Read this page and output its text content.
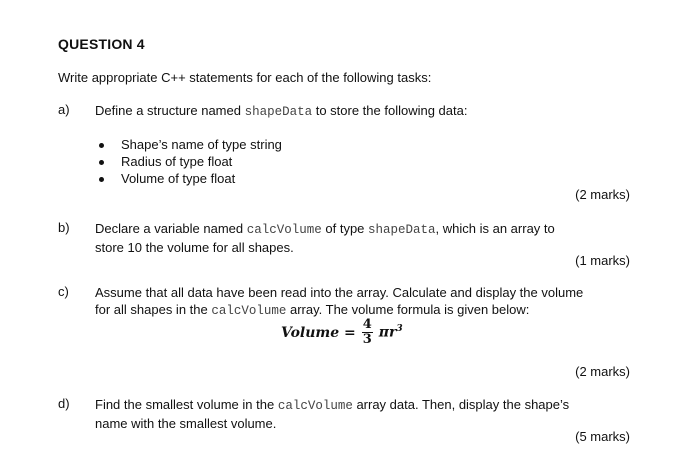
QUESTION 4
Write appropriate C++ statements for each of the following tasks:
a) Define a structure named shapeData to store the following data:
Shape’s name of type string
Radius of type float
Volume of type float
(2 marks)
b) Declare a variable named calcVolume of type shapeData, which is an array to
store 10 the volume for all shapes.
(1 marks)
c) Assume that all data have been read into the array. Calculate and display the volume
for all shapes in the calcVolume array. The volume formula is given below:
Volume = $\frac{4}{3} \pi r^3$
(2 marks)
d) Find the smallest volume in the calcVolume array data. Then, display the shape’s
name with the smallest volume.
(5 marks)
